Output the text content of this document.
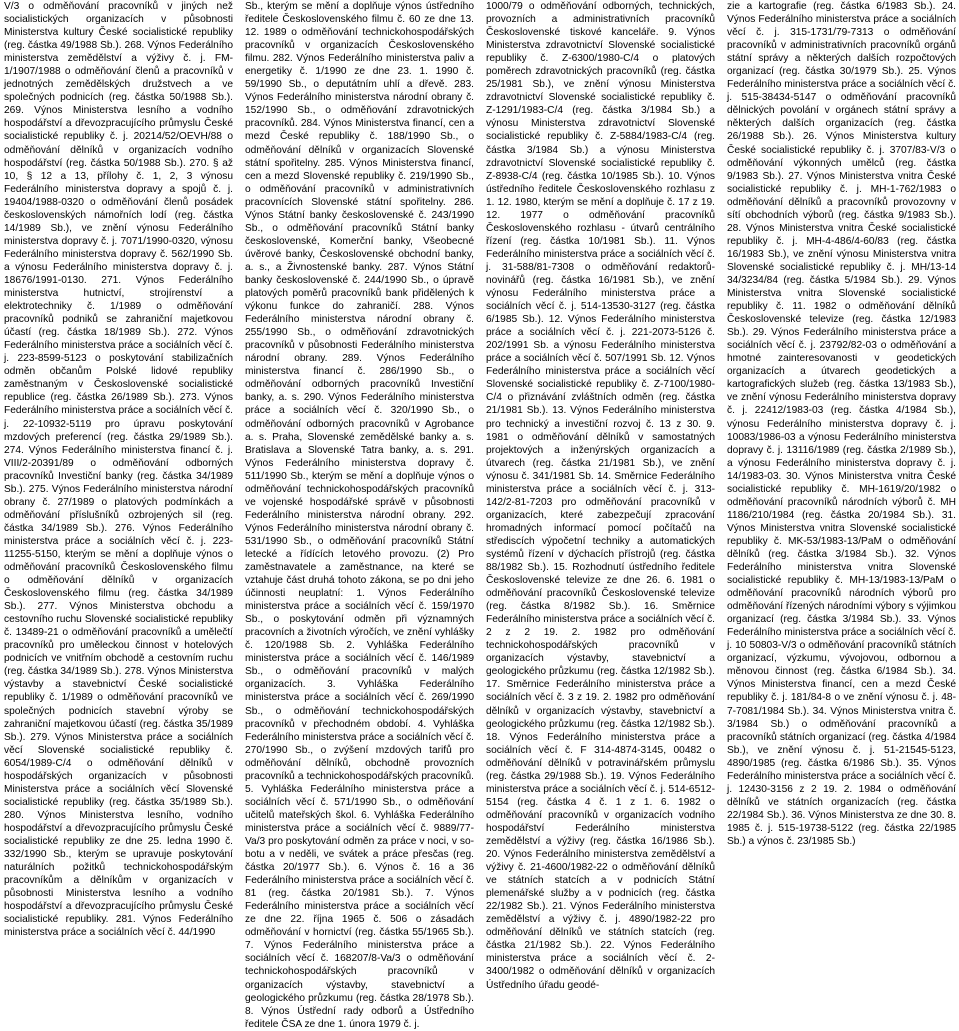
V/3 o odměňování pracovníků v jiných než socialistických organizacích v působnosti Ministerstva kultury České socialistické republiky (reg. částka 49/1988 Sb.). 268. Výnos Federálního ministerstva zemědělství a výživy č. j. FM-1/1907/1988 o odměňování členů a pracovníků v jednotných zemědělských družstvech a ve společných podnicích (reg. částka 50/1988 Sb.). 269. Výnos Ministerstva lesního a vodního hospodářství a dřevozpracujícího průmyslu České socialistické republiky č. j. 20214/52/OEVH/88 o odměňování dělníků v organizacích vodního hospodářství (reg. částka 50/1988 Sb.). 270. § až 10, § 12 a 13, přílohy č. 1, 2, 3 výnosu Federálního ministerstva dopravy a spojů č. j. 19404/1988-0320 o odměňování členů posádek československých námořních lodí (reg. částka 14/1989 Sb.), ve znění výnosu Federálního ministerstva dopravy č. j. 7071/1990-0320, výnosu Federálního ministerstva dopravy č. 562/1990 Sb. a výnosu Federálního ministerstva dopravy č. j. 18676/1991-0130. 271. Výnos Federálního ministerstva hutnictví, strojírenství a elektrotechniky č. 1/1989 o odměňování pracovníků podniků se zahraniční majetkovou účastí (reg. částka 18/1989 Sb.). 272. Výnos Federálního ministerstva práce a sociálních věcí č. j. 223-8599-5123 o poskytování stabilizačních odměn občanům Polské lidové republiky zaměstnaným v Československé socialistické republice (reg. částka 26/1989 Sb.). 273. Výnos Federálního ministerstva práce a sociálních věcí č. j. 22-10932-5119 pro úpravu poskytování mzdových preferencí (reg. částka 29/1989 Sb.). 274. Výnos Federálního ministerstva financí č. j. VIII/2-20391/89 o odměňování odborných pracovníků Investiční banky (reg. částka 34/1989 Sb.). 275. Výnos Federálního ministerstva národní obrany č. 27/1989 o platových podmínkách a odměňování příslušníků ozbrojených sil (reg. částka 34/1989 Sb.). 276. Výnos Federálního ministerstva práce a sociálních věcí č. j. 223-11255-5150, kterým se mění a doplňuje výnos o odměňování pracovníků Československého filmu o odměňování dělníků v organizacích Československého filmu (reg. částka 34/1989 Sb.). 277. Výnos Ministerstva obchodu a cestovního ruchu Slovenské socialistické republiky č. 13489-21 o odměňování pracovníků a umělečtí pracovníků pro uměleckou činnost v hotelových podnicích ve vnitřním obchodě a cestovním ruchu (reg. částka 34/1989 Sb.). 278. Výnos Ministerstva výstavby a stavebnictví České socialistické republiky č. 1/1989 o odměňování pracovníků ve společných podnicích stavební výroby se zahraniční majetkovou účastí (reg. částka 35/1989 Sb.). 279. Výnos Ministerstva práce a sociálních věcí Slovenské socialistické republiky č. 6054/1989-C/4 o odměňování dělníků v hospodářských organizacích v působnosti Ministerstva práce a sociálních věcí Slovenské socialistické republiky (reg. částka 35/1989 Sb.). 280. Výnos Ministerstva lesního, vodního hospodářství a dřevozpracujícího průmyslu České socialistické republiky ze dne 25. ledna 1990 č. 332/1990 Sb., kterým se upravuje poskytování naturálních požitků technickohospodářským pracovníkům a dělníkům v organizacích v působnosti Ministerstva lesního a vodního hospodářství a dřevozpracujícího průmyslu České socialistické republiky. 281. Výnos Federálního ministerstva práce a sociálních věcí č. 44/1990

Sb., kterým se mění a doplňuje výnos ústředního ředitele Československého filmu č. 60 ze dne 13. 12. 1989 o odměňování technickohospodářských pracovníků v organizacích Československého filmu. 282. Výnos Federálního ministerstva paliv a energetiky č. 1/1990 ze dne 23. 1. 1990 č. 59/1990 Sb., o deputátním uhlí a dřevě. 283. Výnos Federálního ministerstva národní obrany č. 152/1990 Sb., o odměňování zdravotnických pracovníků. 284. Výnos Ministerstva financí, cen a mezd České republiky č. 188/1990 Sb., o odměňování dělníků v organizacích Slovenské státní spořitelny. 285. Výnos Ministerstva financí, cen a mezd Slovenské republiky č. 219/1990 Sb., o odměňování pracovníků v administrativních pracovnících Slovenské státní spořitelny. 286. Výnos Státní banky československé č. 243/1990 Sb., o odměňování pracovníků Státní banky československé, Komerční banky, Všeobecné úvěrové banky, Československé obchodní banky, a. s., a Živnostenské banky. 287. Výnos Státní banky československé č. 244/1990 Sb., o úpravě platových poměrů pracovníků bank přidělených k výkonu funkce do zahraničí. 288. Výnos Federálního ministerstva národní obrany č. 255/1990 Sb., o odměňování zdravotnických pracovníků v působnosti Federálního ministerstva národní obrany. 289. Výnos Federálního ministerstva financí č. 286/1990 Sb., o odměňování odborných pracovníků Investiční banky, a. s. 290. Výnos Federálního ministerstva práce a sociálních věcí č. 320/1990 Sb., o odměňování odborných pracovníků v Agrobance a. s. Praha, Slovenské zemědělské banky a. s. Bratislava a Slovenské Tatra banky, a. s. 291. Výnos Federálního ministerstva dopravy č. 511/1990 Sb., kterým se mění a doplňuje výnos o odměňování technickohospodářských pracovníků ve vojenské hospodářské správě v působnosti Federálního ministerstva národní obrany. 292. Výnos Federálního ministerstva národní obrany č. 531/1990 Sb., o odměňování pracovníků Státní letecké a řídících letového provozu. (2) Pro zaměstnavatele a zaměstnance, na které se vztahuje část druhá tohoto zákona, se po dni jeho účinnosti neuplatní: 1. Výnos Federálního ministerstva práce a sociálních věcí č. 159/1970 Sb., o poskytování odměn při významných pracovních a životních výročích, ve znění vyhlášky č. 120/1988 Sb. 2. Vyhláška Federálního ministerstva práce a sociálních věcí č. 146/1989 Sb., o odměňování pracovníků v malých organizacích. 3. Vyhláška Federálního ministerstva práce a sociálních věcí č. 269/1990 Sb., o odměňování technickohospodářských pracovníků v přechodném období. 4. Vyhláška Federálního ministerstva práce a sociálních věcí č. 270/1990 Sb., o zvýšení mzdových tarifů pro odměňování dělníků, obchodně provozních pracovníků a technickohospodářských pracovníků. 5. Vyhláška Federálního ministerstva práce a sociálních věcí č. 571/1990 Sb., o odměňování učitelů mateřských škol. 6. Vyhláška Federálního ministerstva práce a sociálních věcí č. 9889/77-Va/3 pro poskytování odměn za práce v noci, v so- botu a v neděli, ve svátek a práce přesčas (reg. částka 20/1977 Sb.). 6. Výnos č. 16 a 36 Federálního ministerstva práce a sociálních věcí č. 81 (reg. částka 20/1981 Sb.). 7. Výnos Federálního ministerstva práce a sociálních věcí ze dne 22. října 1965 č. 506 o zásadách odměňování v hornictví (reg. částka 55/1965 Sb.). 7. Výnos Federálního ministerstva práce a sociálních věcí č. 168207/8-Va/3 o odměňování technickohospodářských pracovníků v organizacích výstavby, stavebnictví a geologického průzkumu (reg. částka 28/1978 Sb.). 8. Výnos Ústřední rady odborů a Ústředního ředitele ČSA ze dne 1. února 1979 č. j.

1000/79 o odměňování odborných, technických, provozních a administrativních pracovníků Československé tiskové kanceláře. 9. Výnos Ministerstva zdravotnictví Slovenské socialistické republiky č. Z-6300/1980-C/4 o platových poměrech zdravotnických pracovníků (reg. částka 25/1981 Sb.), ve znění výnosu Ministerstva zdravotnictví Slovenské socialistické republiky č. Z-1291/1983-C/4 (reg. částka 3/1984 Sb.) a výnosu Ministerstva zdravotnictví Slovenské socialistické republiky č. Z-5884/1983-C/4 (reg. částka 3/1984 Sb.) a výnosu Ministerstva zdravotnictví Slovenské socialistické republiky č. Z-8938-C/4 (reg. částka 10/1985 Sb.). 10. Výnos ústředního ředitele Československého rozhlasu z 1. 12. 1980, kterým se mění a doplňuje č. 17 z 19. 12. 1977 o odměňování pracovníků Československého rozhlasu - útvarů centrálního řízení (reg. částka 10/1981 Sb.). 11. Výnos Federálního ministerstva práce a sociálních věcí č. j. 31-588/81-7308 o odměňování redaktorů-novinářů (reg. částka 16/1981 Sb.), ve znění výnosu Federálního ministerstva práce a sociálních věcí č. j. 514-13530-3127 (reg. částka 6/1985 Sb.). 12. Výnos Federálního ministerstva práce a sociálních věcí č. j. 221-2073-5126 č. 202/1991 Sb. a výnosu Federálního ministerstva práce a sociálních věcí č. 507/1991 Sb. 12. Výnos Federálního ministerstva práce a sociálních věcí Slovenské socialistické republiky č. Z-7100/1980-C/4 o přiznávání zvláštních odměn (reg. částka 21/1981 Sb.). 13. Výnos Federálního ministerstva pro technický a investiční rozvoj č. 13 z 30. 9. 1981 o odměňování dělníků v samostatných projektových a inženýrských organizacích a útvarech (reg. částka 21/1981 Sb.), ve znění výnosu č. 341/1981 Sb. 14. Směrnice Federálního ministerstva práce a sociálních věcí č. j. 313-142/2-81-7203 pro odměňování pracovníků v organizacích, které zabezpečují zpracování hromadných informací pomocí počítačů na střediscích výpočetní techniky a automatických systémů řízení v dýchacích přístrojů (reg. částka 88/1982 Sb.). 15. Rozhodnutí ústředního ředitele Československé televize ze dne 26. 6. 1981 o odměňování pracovníků Československé televize (reg. částka 8/1982 Sb.). 16. Směrnice Federálního ministerstva práce a sociálních věcí č. 2 z 2 19. 2. 1982 pro odměňování technickohospodářských pracovníků v organizacích výstavby, stavebnictví a geologického průzkumu (reg. částka 12/1982 Sb.). 17. Směrnice Federálního ministerstva práce a sociálních věcí č. 3 z 19. 2. 1982 pro odměňování dělníků v organizacích výstavby, stavebnictví a geologického průzkumu (reg. částka 12/1982 Sb.). 18. Výnos Federálního ministerstva práce a sociálních věcí č. F 314-4874-3145, 00482 o odměňování dělníků v potravinářském průmyslu (reg. částka 29/1988 Sb.). 19. Výnos Federálního ministerstva práce a sociálních věcí č. j. 514-6512-5154 (reg. částka 4 č. 1 z 1. 6. 1982 o odměňování pracovníků v organizacích vodního hospodářství Federálního ministerstva zemědělství a výživy (reg. částka 16/1986 Sb.). 20. Výnos Federálního ministerstva zemědělství a výživy č. 21-4600/1982-22 o odměňování dělníků ve státních statcích a v podnicích Státní plemenářské služby a v podnicích (reg. částka 22/1982 Sb.). 21. Výnos Federálního ministerstva zemědělství a výživy č. j. 4890/1982-22 pro odměňování dělníků ve státních statcích (reg. částka 21/1982 Sb.). 22. Výnos Federálního ministerstva práce a sociálních věcí č. 2-3400/1982 o odměňování dělníků v organizacích Ústředního úřadu geodé-

zie a kartografie (reg. částka 6/1983 Sb.). 24. Výnos Federálního ministerstva práce a sociálních věcí č. j. 315-1731/79-7313 o odměňování pracovníků v administrativních pracovníků orgánů státní správy a některých dalších rozpočtových organizací (reg. částka 30/1979 Sb.). 25. Výnos Federálního ministerstva práce a sociálních věcí č. j. 515-38434-5147 o odměňování pracovníků dělnických povolání v orgánech státní správy a některých dalších organizacích (reg. částka 26/1988 Sb.). 26. Výnos Ministerstva kultury České socialistické republiky č. j. 3707/83-V/3 o odměňování výkonných umělců (reg. částka 9/1983 Sb.). 27. Výnos Ministerstva vnitra České socialistické republiky č. j. MH-1-762/1983 o odměňování dělníků a pracovníků provozovny v sítí obchodních výborů (reg. částka 9/1983 Sb.). 28. Výnos Ministerstva vnitra České socialistické republiky č. j. MH-4-486/4-60/83 (reg. částka 16/1983 Sb.), ve znění výnosu Ministerstva vnitra Slovenské socialistické republiky č. j. MH/13-14 34/3234/84 (reg. částka 5/1984 Sb.). 29. Výnos Ministerstva vnitra Slovenské socialistické republiky č. 11. 1982 o odměňování dělníků Československé televize (reg. částka 12/1983 Sb.). 29. Výnos Federálního ministerstva práce a sociálních věcí č. j. 23792/82-03 o odměňování a hmotné zainteresovanosti v geodetických organizacích a útvarech geodetických a kartografických služeb (reg. částka 13/1983 Sb.), ve znění výnosu Federálního ministerstva dopravy č. j. 22412/1983-03 (reg. částka 4/1984 Sb.), výnosu Federálního ministerstva dopravy č. j. 10083/1986-03 a výnosu Federálního ministerstva dopravy č. j. 13116/1989 (reg. částka 2/1989 Sb.), a výnosu Federálního ministerstva dopravy č. j. 14/1983-03. 30. Výnos Ministerstva vnitra České socialistické republiky č. MH-1619/20/1982 o odměňování pracovníků národních výborů č. MH 1186/210/1984 (reg. částka 20/1984 Sb.). 31. Výnos Ministerstva vnitra Slovenské socialistické republiky č. MK-53/1983-13/PaM o odměňování dělníků (reg. částka 3/1984 Sb.). 32. Výnos Federálního ministerstva vnitra Slovenské socialistické republiky č. MH-13/1983-13/PaM o odměňování pracovníků národních výborů pro odměňování řízených národními výbory s výjimkou organizací (reg. částka 3/1984 Sb.). 33. Výnos Federálního ministerstva práce a sociálních věcí č. j. 10 50803-V/3 o odměňování pracovníků státních organizací, výzkumu, vývojovou, odbornou a měnovou činnost (reg. částka 6/1984 Sb.). 34. Výnos Ministerstva financí, cen a mezd České republiky č. j. 181/84-8 o ve znění výnosu č. j. 48-7-7081/1984 Sb.). 34. Výnos Ministerstva vnitra č. 3/1984 Sb.) o odměňování pracovníků a pracovníků státních organizací (reg. částka 4/1984 Sb.), ve znění výnosu č. j. 51-21545-5123, 4890/1985 (reg. částka 6/1986 Sb.). 35. Výnos Federálního ministerstva práce a sociálních věcí č. j. 12430-3156 z 2 19. 2. 1984 o odměňování dělníků ve státních organizacích (reg. částka 22/1984 Sb.). 36. Výnos Ministerstva ze dne 30. 8. 1985 č. j. 515-19738-5122 (reg. částka 22/1985 Sb.) a výnos č. 23/1985 Sb.)
